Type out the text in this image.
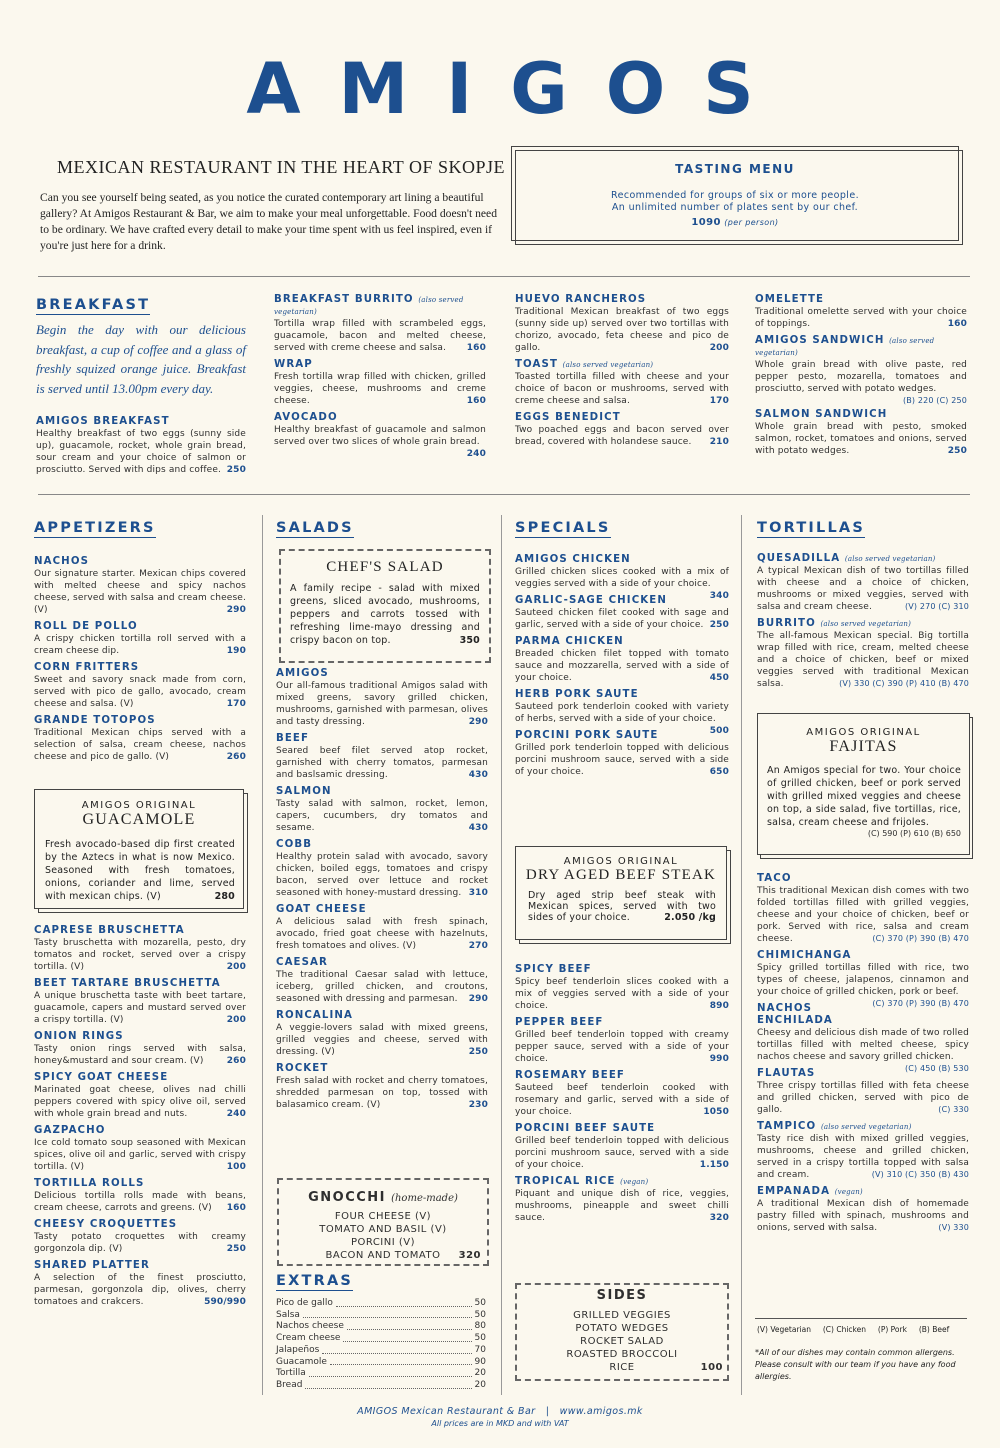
AMIGOS
MEXICAN RESTAURANT IN THE HEART OF SKOPJE
Can you see yourself being seated, as you notice the curated contemporary art lining a beautiful gallery? At Amigos Restaurant & Bar, we aim to make your meal unforgettable. Food doesn't need to be ordinary. We have crafted every detail to make your time spent with us feel inspired, even if you're just here for a drink.
TASTING MENU
Recommended for groups of six or more people.
An unlimited number of plates sent by our chef.
1090 (per person)
BREAKFAST
Begin the day with our delicious breakfast, a cup of coffee and a glass of freshly squized orange juice. Breakfast is served until 13.00pm every day.
AMIGOS BREAKFAST
Healthy breakfast of two eggs (sunny side up), guacamole, rocket, whole grain bread, sour cream and your choice of salmon or prosciutto. Served with dips and coffee. 250
BREAKFAST BURRITO (also served vegetarian)
Tortilla wrap filled with scrambeled eggs, guacamole, bacon and melted cheese, served with creme cheese and salsa. 160
WRAP
Fresh tortilla wrap filled with chicken, grilled veggies, cheese, mushrooms and creme cheese.	160
AVOCADO
Healthy breakfast of guacamole and salmon served over two slices of whole grain bread.
240
HUEVO RANCHEROS
Traditional Mexican breakfast of two eggs (sunny side up) served over two tortillas with chorizo, avocado, feta cheese and pico de gallo.	200
TOAST (also served vegetarian)
Toasted tortilla filled with cheese and your choice of bacon or mushrooms, served with creme cheese and salsa.	170
EGGS BENEDICT
Two poached eggs and bacon served over bread, covered with holandese sauce. 210
OMELETTE
Traditional omelette served with your choice of toppings.	160
AMIGOS SANDWICH (also served vegetarian)
Whole grain bread with olive paste, red pepper pesto, mozarella, tomatoes and prosciutto, served with potato wedges.
(B) 220 (C) 250
SALMON SANDWICH
Whole grain bread with pesto, smoked salmon, rocket, tomatoes and onions, served with potato wedges.	250
APPETIZERS
NACHOS
Our signature starter. Mexican chips covered with melted cheese and spicy nachos cheese, served with salsa and cream cheese. (V)	290
ROLL DE POLLO
A crispy chicken tortilla roll served with a cream cheese dip.	190
CORN FRITTERS
Sweet and savory snack made from corn, served with pico de gallo, avocado, cream cheese and salsa. (V)	170
GRANDE TOTOPOS
Traditional Mexican chips served with a selection of salsa, cream cheese, nachos cheese and pico de gallo. (V)	260
AMIGOS ORIGINAL
GUACAMOLE
Fresh avocado-based dip first created by the Aztecs in what is now Mexico. Seasoned with fresh tomatoes, onions, coriander and lime, served with mexican chips. (V)	280
CAPRESE BRUSCHETTA
Tasty bruschetta with mozarella, pesto, dry tomatos and rocket, served over a crispy tortilla. (V)	200
BEET TARTARE BRUSCHETTA
A unique bruschetta taste with beet tartare, guacamole, capers and mustard served over a crispy tortilla. (V)	200
ONION RINGS
Tasty onion rings served with salsa, honey&mustard and sour cream. (V)	260
SPICY GOAT CHEESE
Marinated goat cheese, olives nad chilli peppers covered with spicy olive oil, served with whole grain bread and nuts.	240
GAZPACHO
Ice cold tomato soup seasoned with Mexican spices, olive oil and garlic, served with crispy tortilla. (V)	100
TORTILLA ROLLS
Delicious tortilla rolls made with beans, cream cheese, carrots and greens. (V) 160
CHEESY CROQUETTES
Tasty potato croquettes with creamy gorgonzola dip. (V)	250
SHARED PLATTER
A selection of the finest prosciutto, parmesan, gorgonzola dip, olives, cherry tomatoes and crakcers.	590/990
SALADS
CHEF'S SALAD
A family recipe - salad with mixed greens, sliced avocado, mushrooms, peppers and carrots tossed with refreshing lime-mayo dressing and crispy bacon on top.	350
AMIGOS
Our all-famous traditional Amigos salad with mixed greens, savory grilled chicken, mushrooms, garnished with parmesan, olives and tasty dressing.	290
BEEF
Seared beef filet served atop rocket, garnished with cherry tomatos, parmesan and baslsamic dressing.	430
SALMON
Tasty salad with salmon, rocket, lemon, capers, cucumbers, dry tomatos and sesame.	430
COBB
Healthy protein salad with avocado, savory chicken, boiled eggs, tomatoes and crispy bacon, served over lettuce and rocket seasoned with honey-mustard dressing. 310
GOAT CHEESE
A delicious salad with fresh spinach, avocado, fried goat cheese with hazelnuts, fresh tomatoes and olives. (V)	270
CAESAR
The traditional Caesar salad with lettuce, iceberg, grilled chicken, and croutons, seasoned with dressing and parmesan. 290
RONCALINA
A veggie-lovers salad with mixed greens, grilled veggies and cheese, served with dressing. (V)	250
ROCKET
Fresh salad with rocket and cherry tomatoes, shredded parmesan on top, tossed with balasamico cream. (V)	230
GNOCCHI (home-made)
FOUR CHEESE (V)
TOMATO AND BASIL (V)
PORCINI (V)
BACON AND TOMATO 320
EXTRAS
Pico de gallo	50
Salsa	50
Nachos cheese	80
Cream cheese	50
Jalapeños	70
Guacamole	90
Tortilla	20
Bread	20
SPECIALS
AMIGOS CHICKEN
Grilled chicken slices cooked with a mix of veggies served with a side of your choice.
340
GARLIC-SAGE CHICKEN
Sauteed chicken filet cooked with sage and garlic, served with a side of your choice. 250
PARMA CHICKEN
Breaded chicken filet topped with tomato sauce and mozzarella, served with a side of your choice.	450
HERB PORK SAUTE
Sauteed pork tenderloin cooked with variety of herbs, served with a side of your choice.
500
PORCINI PORK SAUTE
Grilled pork tenderloin topped with delicious porcini mushroom sauce, served with a side of your choice.	650
AMIGOS ORIGINAL
DRY AGED BEEF STEAK
Dry aged strip beef steak with Mexican spices, served with two sides of your choice.	2.050 /kg
SPICY BEEF
Spicy beef tenderloin slices cooked with a mix of veggies served with a side of your choice.	890
PEPPER BEEF
Grilled beef tenderloin topped with creamy pepper sauce, served with a side of your choice.	990
ROSEMARY BEEF
Sauteed beef tenderloin cooked with rosemary and garlic, served with a side of your choice.	1050
PORCINI BEEF SAUTE
Grilled beef tenderloin topped with delicious porcini mushroom sauce, served with a side of your choice.	1.150
TROPICAL RICE (vegan)
Piquant and unique dish of rice, veggies, mushrooms, pineapple and sweet chilli sauce.	320
SIDES
GRILLED VEGGIES
POTATO WEDGES
ROCKET SALAD
ROASTED BROCCOLI
RICE	100
TORTILLAS
QUESADILLA (also served vegetarian)
A typical Mexican dish of two tortillas filled with cheese and a choice of chicken, mushrooms or mixed veggies, served with salsa and cream cheese.	(V) 270 (C) 310
BURRITO (also served vegetarian)
The all-famous Mexican special. Big tortilla wrap filled with rice, cream, melted cheese and a choice of chicken, beef or mixed veggies served with traditional Mexican salsa.	(V) 330 (C) 390 (P) 410 (B) 470
AMIGOS ORIGINAL
FAJITAS
An Amigos special for two. Your choice of grilled chicken, beef or pork served with grilled mixed veggies and cheese on top, a side salad, five tortillas, rice, salsa, cream cheese and frijoles.
(C) 590 (P) 610 (B) 650
TACO
This traditional Mexican dish comes with two folded tortillas filled with grilled veggies, cheese and your choice of chicken, beef or pork. Served with rice, salsa and cream cheese.	(C) 370 (P) 390 (B) 470
CHIMICHANGA
Spicy grilled tortillas filled with rice, two types of cheese, jalapenos, cinnamon and your choice of grilled chicken, pork or beef.
(C) 370 (P) 390 (B) 470
NACHOS ENCHILADA
Cheesy and delicious dish made of two rolled tortillas filled with melted cheese, spicy nachos cheese and savory grilled chicken.
(C) 450 (B) 530
FLAUTAS
Three crispy tortillas filled with feta cheese and grilled chicken, served with pico de gallo.	(C) 330
TAMPICO (also served vegetarian)
Tasty rice dish with mixed grilled veggies, mushrooms, cheese and grilled chicken, served in a crispy tortilla topped with salsa and cream.	(V) 310 (C) 350 (B) 430
EMPANADA (vegan)
A traditional Mexican dish of homemade pastry filled with spinach, mushrooms and onions, served with salsa.	(V) 330
(V) Vegetarian     (C) Chicken     (P) Pork     (B) Beef
*All of our dishes may contain common allergens. Please consult with our team if you have any food allergies.
AMIGOS Mexican Restaurant & Bar   |   www.amigos.mk
All prices are in MKD and with VAT
